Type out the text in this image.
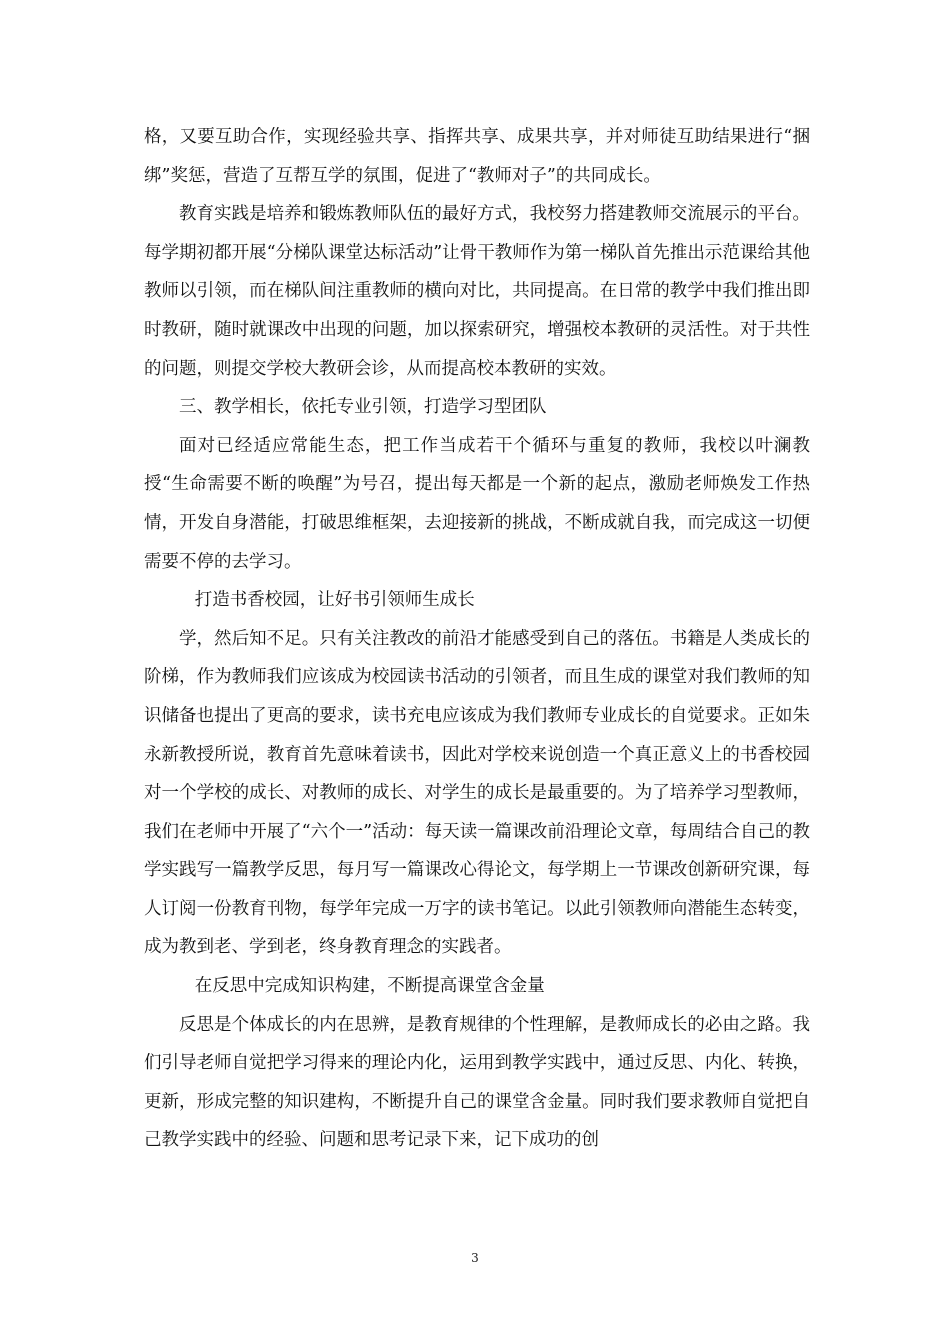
格，又要互助合作，实现经验共享、指挥共享、成果共享，并对师徒互助结果进行“捆绑”奖惩，营造了互帮互学的氛围，促进了“教师对子”的共同成长。

教育实践是培养和锻炼教师队伍的最好方式，我校努力搭建教师交流展示的平台。每学期初都开展“分梯队课堂达标活动”让骨干教师作为第一梯队首先推出示范课给其他教师以引领，而在梯队间注重教师的横向对比，共同提高。在日常的教学中我们推出即时教研，随时就课改中出现的问题，加以探索研究，增强校本教研的灵活性。对于共性的问题，则提交学校大教研会诊，从而提高校本教研的实效。

三、教学相长，依托专业引领，打造学习型团队

面对已经适应常能生态，把工作当成若干个循环与重复的教师，我校以叶澜教授“生命需要不断的唤醒”为号召，提出每天都是一个新的起点，激励老师焕发工作热情，开发自身潜能，打破思维框架，去迎接新的挑战，不断成就自我，而完成这一切便需要不停的去学习。

打造书香校园，让好书引领师生成长

学，然后知不足。只有关注教改的前沿才能感受到自己的落伍。书籍是人类成长的阶梯，作为教师我们应该成为校园读书活动的引领者，而且生成的课堂对我们教师的知识储备也提出了更高的要求，读书充电应该成为我们教师专业成长的自觉要求。正如朱永新教授所说，教育首先意味着读书，因此对学校来说创造一个真正意义上的书香校园对一个学校的成长、对教师的成长、对学生的成长是最重要的。为了培养学习型教师，我们在老师中开展了“六个一”活动：每天读一篇课改前沿理论文章，每周结合自己的教学实践写一篇教学反思，每月写一篇课改心得论文，每学期上一节课改创新研究课，每人订阅一份教育刊物，每学年完成一万字的读书笔记。以此引领教师向潜能生态转变，成为教到老、学到老，终身教育理念的实践者。

在反思中完成知识构建，不断提高课堂含金量

反思是个体成长的内在思辨，是教育规律的个性理解，是教师成长的必由之路。我们引导老师自觉把学习得来的理论内化，运用到教学实践中，通过反思、内化、转换，更新，形成完整的知识建构，不断提升自己的课堂含金量。同时我们要求教师自觉把自己教学实践中的经验、问题和思考记录下来，记下成功的创

3
